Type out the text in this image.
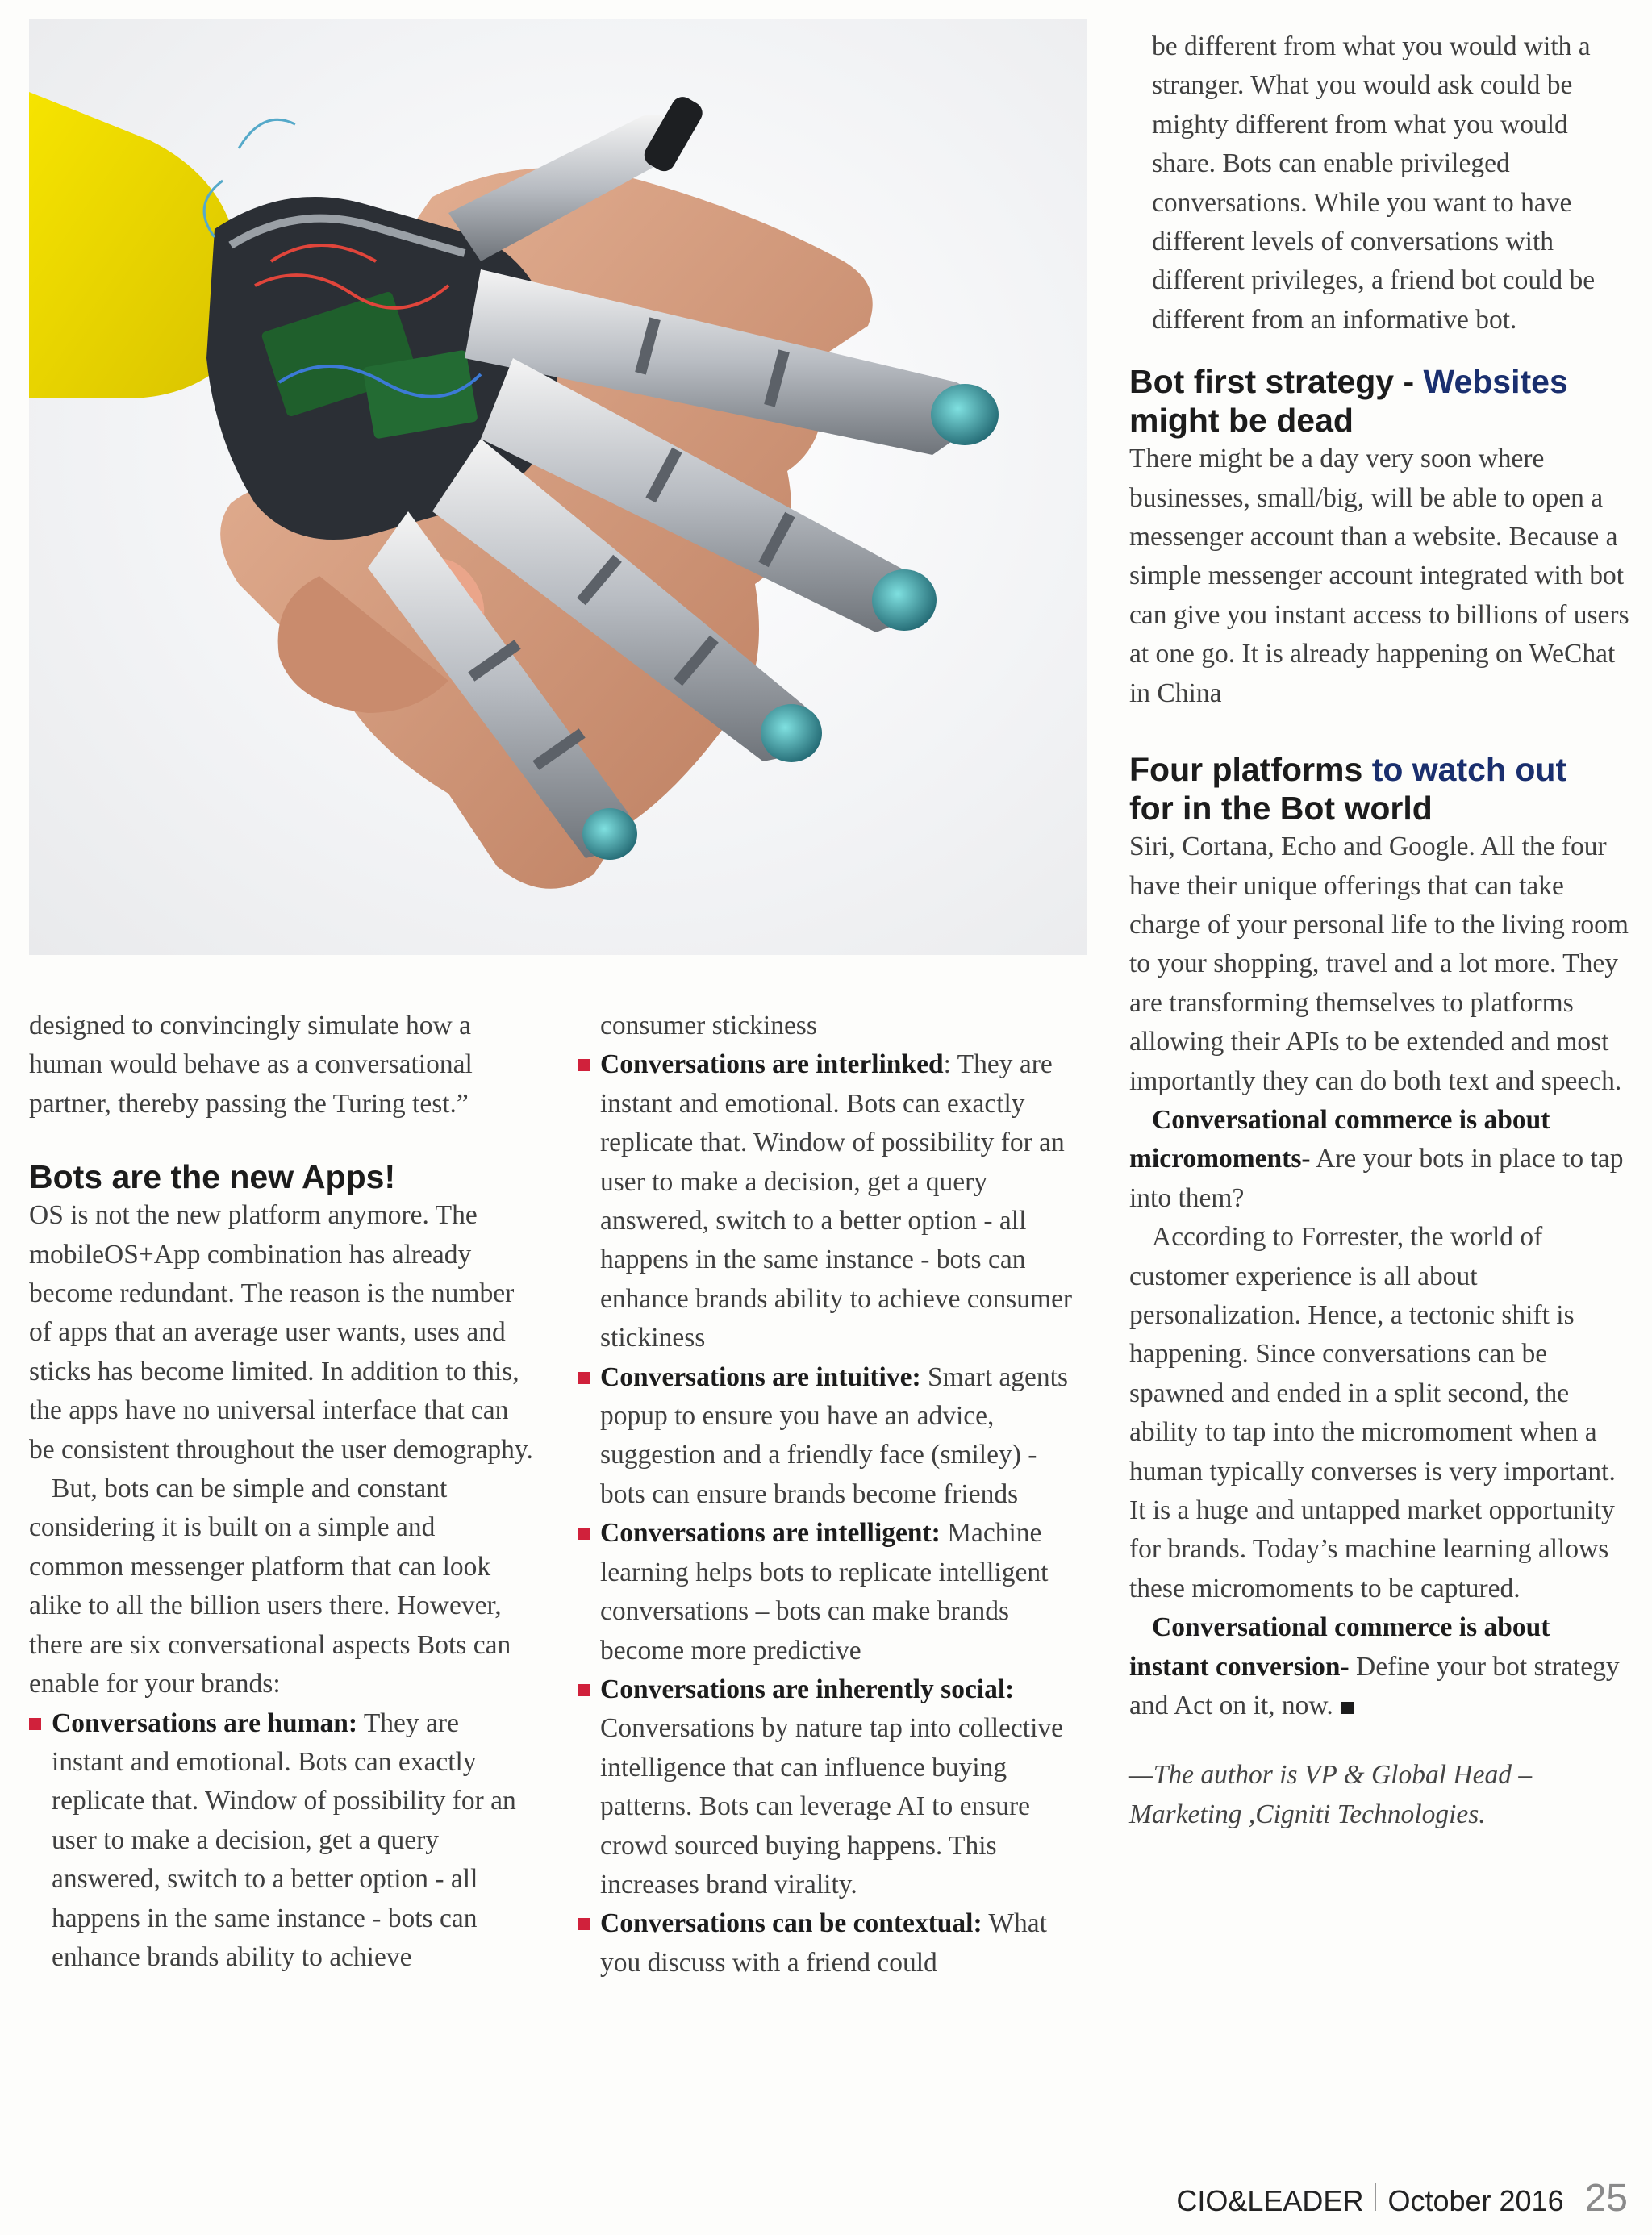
designed to convincingly simulate how a human would behave as a conversational partner, thereby passing the Turing test.”

Bots are the new Apps!

OS is not the new platform anymore. The mobileOS+App combination has already become redundant. The reason is the number of apps that an average user wants, uses and sticks has become limited. In addition to this, the apps have no universal interface that can be consistent throughout the user demography.

But, bots can be simple and constant considering it is built on a simple and common messenger platform that can look alike to all the billion users there. However, there are six conversational aspects Bots can enable for your brands:

Conversations are human: They are instant and emotional. Bots can exactly replicate that. Window of possibility for an user to make a decision, get a query answered, switch to a better option - all happens in the same instance - bots can enhance brands ability to achieve

consumer stickiness

Conversations are interlinked: They are instant and emotional. Bots can exactly replicate that. Window of possibility for an user to make a decision, get a query answered, switch to a better option - all happens in the same instance - bots can enhance brands ability to achieve consumer stickiness

Conversations are intuitive: Smart agents popup to ensure you have an advice, suggestion and a friendly face (smiley) - bots can ensure brands become friends

Conversations are intelligent: Machine learning helps bots to replicate intelligent conversations – bots can make brands become more predictive

Conversations are inherently social: Conversations by nature tap into collective intelligence that can influence buying patterns. Bots can leverage AI to ensure crowd sourced buying happens. This increases brand virality.

Conversations can be contextual: What you discuss with a friend could

be different from what you would with a stranger. What you would ask could be mighty different from what you would share. Bots can enable privileged conversations. While you want to have different levels of conversations with different privileges, a friend bot could be different from an informative bot.

Bot first strategy - Websites
might be dead

There might be a day very soon where businesses, small/big, will be able to open a messenger account than a website. Because a simple messenger account integrated with bot can give you instant access to billions of users at one go. It is already happening on WeChat in China

Four platforms to watch out
for in the Bot world

Siri, Cortana, Echo and Google. All the four have their unique offerings that can take charge of your personal life to the living room to your shopping, travel and a lot more. They are transforming themselves to platforms allowing their APIs to be extended and most importantly they can do both text and speech.

Conversational commerce is about micromoments- Are your bots in place to tap into them?

According to Forrester, the world of customer experience is all about personalization. Hence, a tectonic shift is happening. Since conversations can be spawned and ended in a split second, the ability to tap into the micromoment when a human typically converses is very important. It is a huge and untapped market opportunity for brands. Today’s machine learning allows these micromoments to be captured.

Conversational commerce is about instant conversion- Define your bot strategy and Act on it, now.

—The author is VP & Global Head – Marketing ,Cigniti Technologies.

CIO&LEADER October 2016 25
